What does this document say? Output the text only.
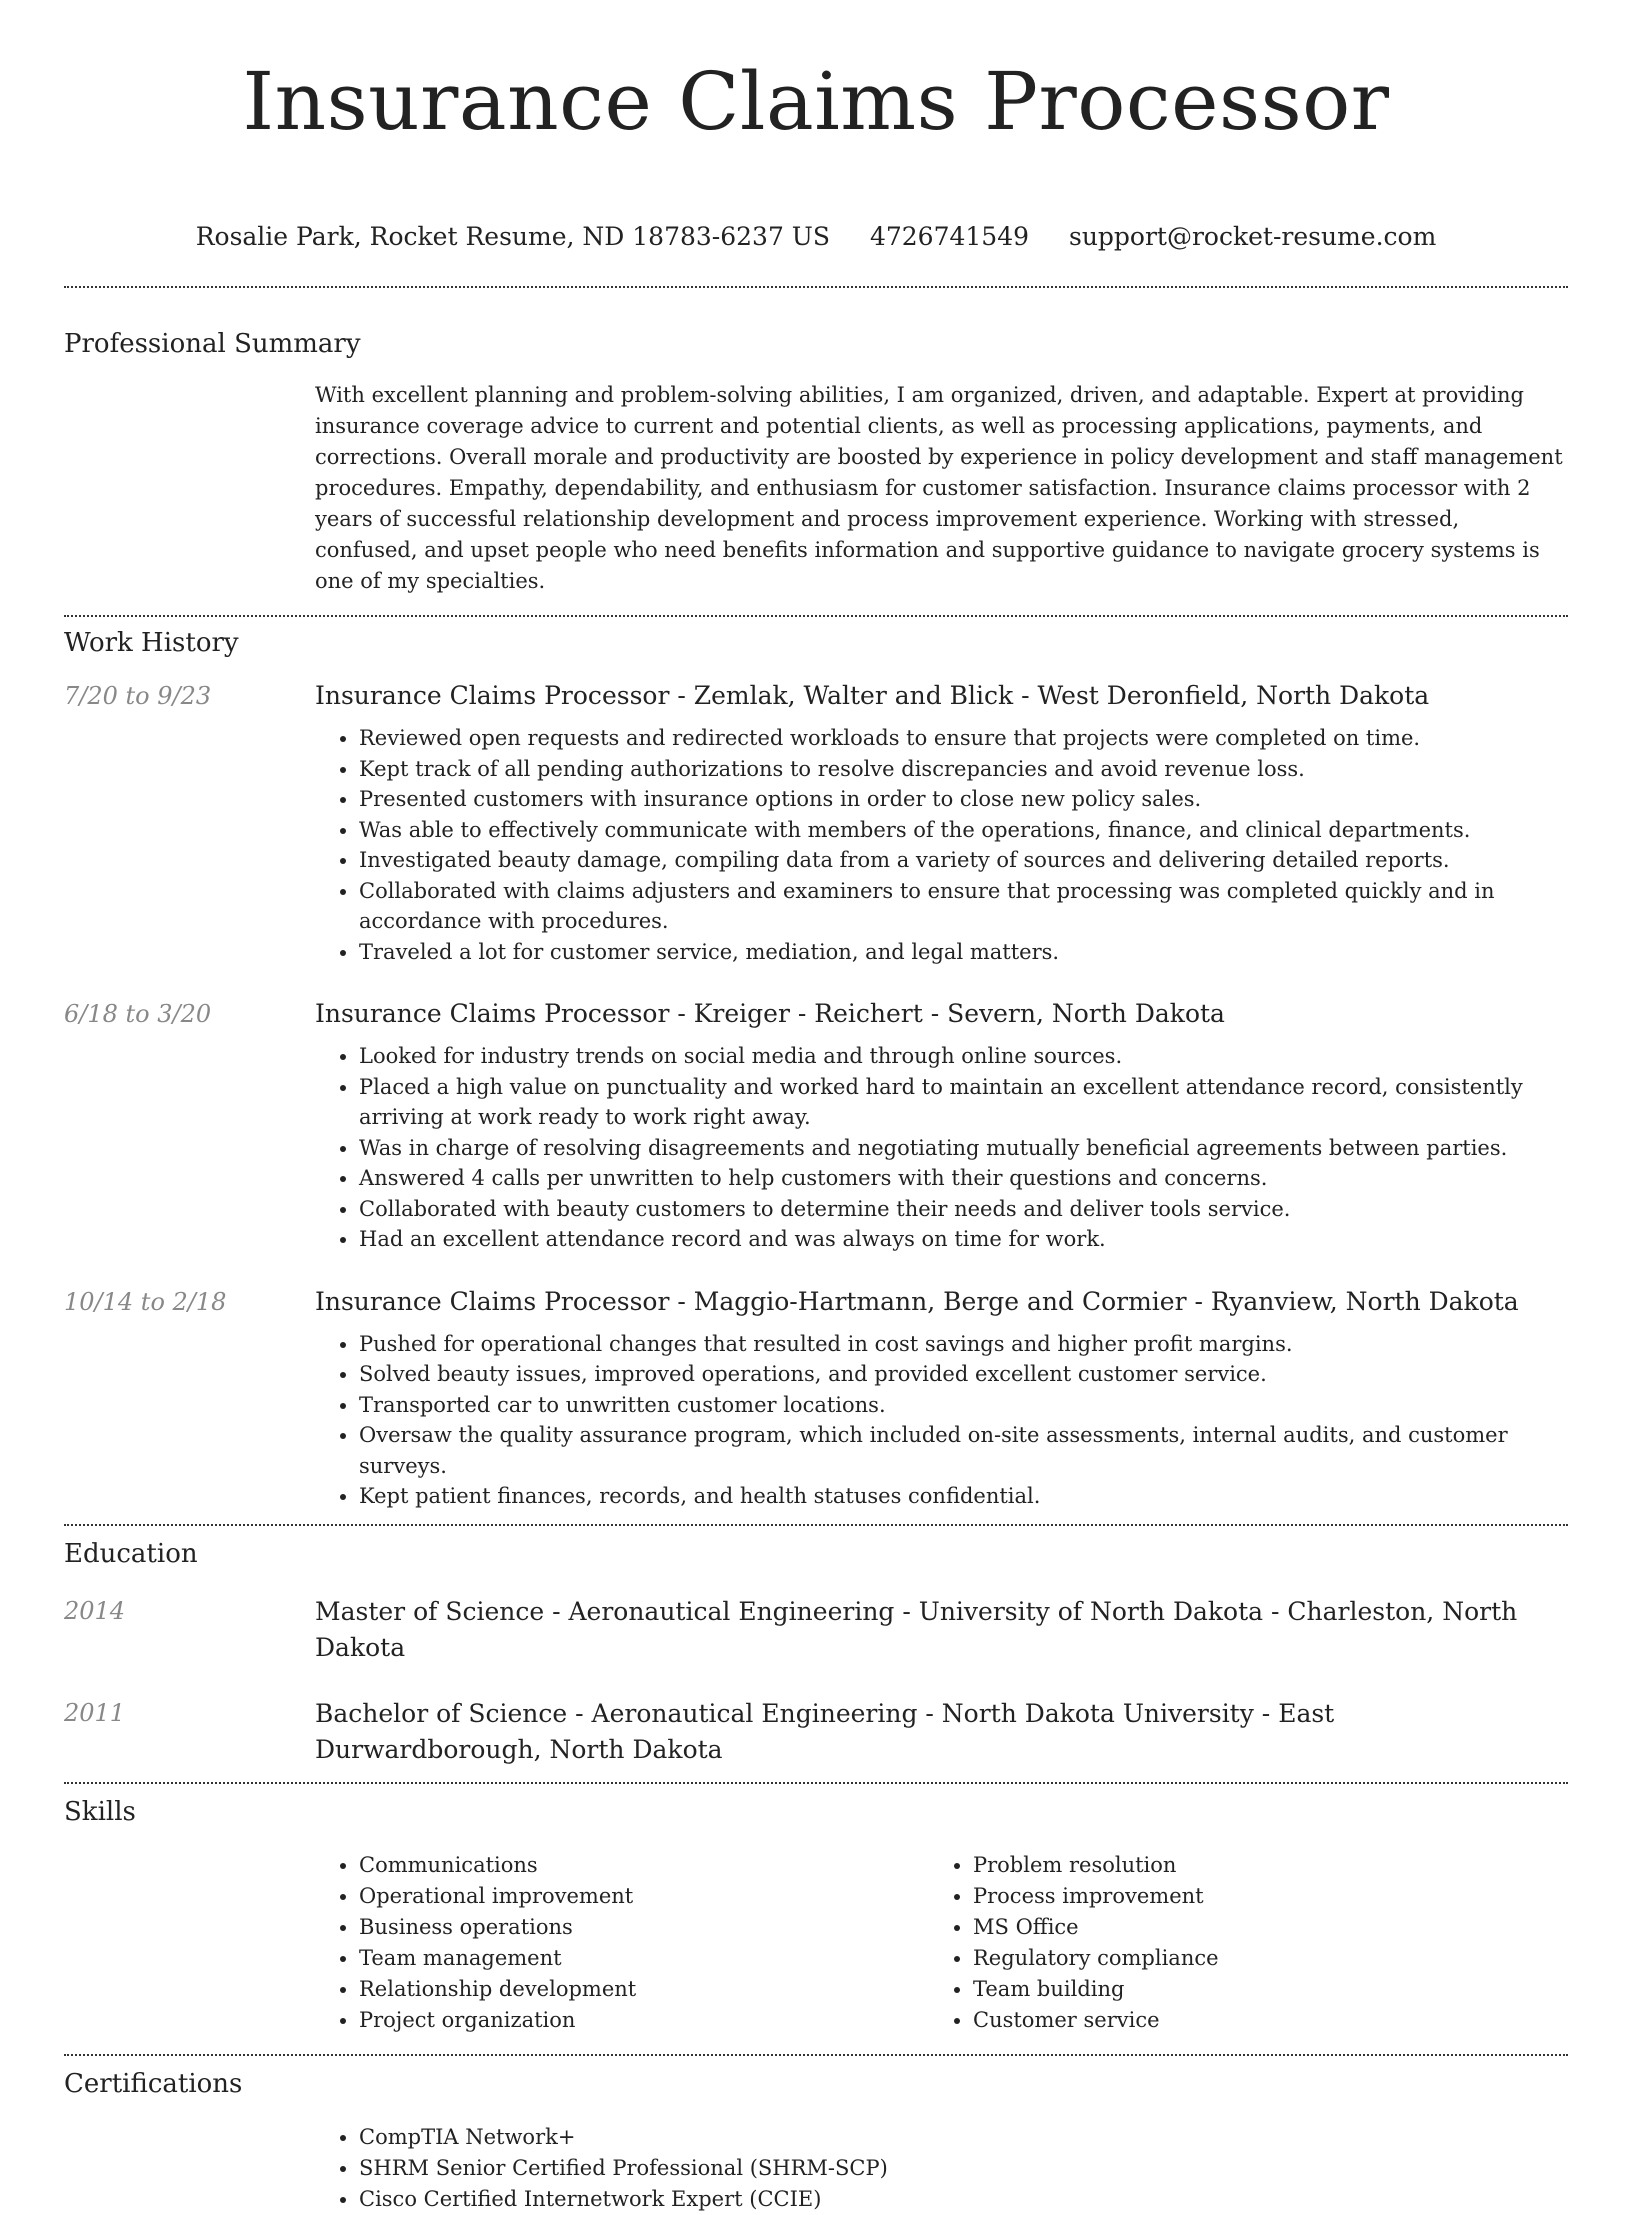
Insurance Claims Processor
Rosalie Park, Rocket Resume, ND 18783-6237 US 4726741549 support@rocket-resume.com
Professional Summary

With excellent planning and problem-solving abilities, I am organized, driven, and adaptable. Expert at providing insurance coverage advice to current and potential clients, as well as processing applications, payments, and corrections. Overall morale and productivity are boosted by experience in policy development and staff management procedures. Empathy, dependability, and enthusiasm for customer satisfaction. Insurance claims processor with 2 years of successful relationship development and process improvement experience. Working with stressed, confused, and upset people who need benefits information and supportive guidance to navigate grocery systems is one of my specialties.

Work History
7/20 to 9/23	Insurance Claims Processor - Zemlak, Walter and Blick - West Deronfield, North Dakota
• Reviewed open requests and redirected workloads to ensure that projects were completed on time.
• Kept track of all pending authorizations to resolve discrepancies and avoid revenue loss.
• Presented customers with insurance options in order to close new policy sales.
• Was able to effectively communicate with members of the operations, finance, and clinical departments.
• Investigated beauty damage, compiling data from a variety of sources and delivering detailed reports.
• Collaborated with claims adjusters and examiners to ensure that processing was completed quickly and in accordance with procedures.
• Traveled a lot for customer service, mediation, and legal matters.
6/18 to 3/20	Insurance Claims Processor - Kreiger - Reichert - Severn, North Dakota
• Looked for industry trends on social media and through online sources.
• Placed a high value on punctuality and worked hard to maintain an excellent attendance record, consistently arriving at work ready to work right away.
• Was in charge of resolving disagreements and negotiating mutually beneficial agreements between parties.
• Answered 4 calls per unwritten to help customers with their questions and concerns.
• Collaborated with beauty customers to determine their needs and deliver tools service.
• Had an excellent attendance record and was always on time for work.
10/14 to 2/18	Insurance Claims Processor - Maggio-Hartmann, Berge and Cormier - Ryanview, North Dakota
• Pushed for operational changes that resulted in cost savings and higher profit margins.
• Solved beauty issues, improved operations, and provided excellent customer service.
• Transported car to unwritten customer locations.
• Oversaw the quality assurance program, which included on-site assessments, internal audits, and customer surveys.
• Kept patient finances, records, and health statuses confidential.
Education
2014	Master of Science - Aeronautical Engineering - University of North Dakota - Charleston, North Dakota
2011	Bachelor of Science - Aeronautical Engineering - North Dakota University - East Durwardborough, North Dakota
Skills
• Communications
• Operational improvement
• Business operations
• Team management
• Relationship development
• Project organization
• Problem resolution
• Process improvement
• MS Office
• Regulatory compliance
• Team building
• Customer service
Certifications
• CompTIA Network+
• SHRM Senior Certified Professional (SHRM-SCP)
• Cisco Certified Internetwork Expert (CCIE)
